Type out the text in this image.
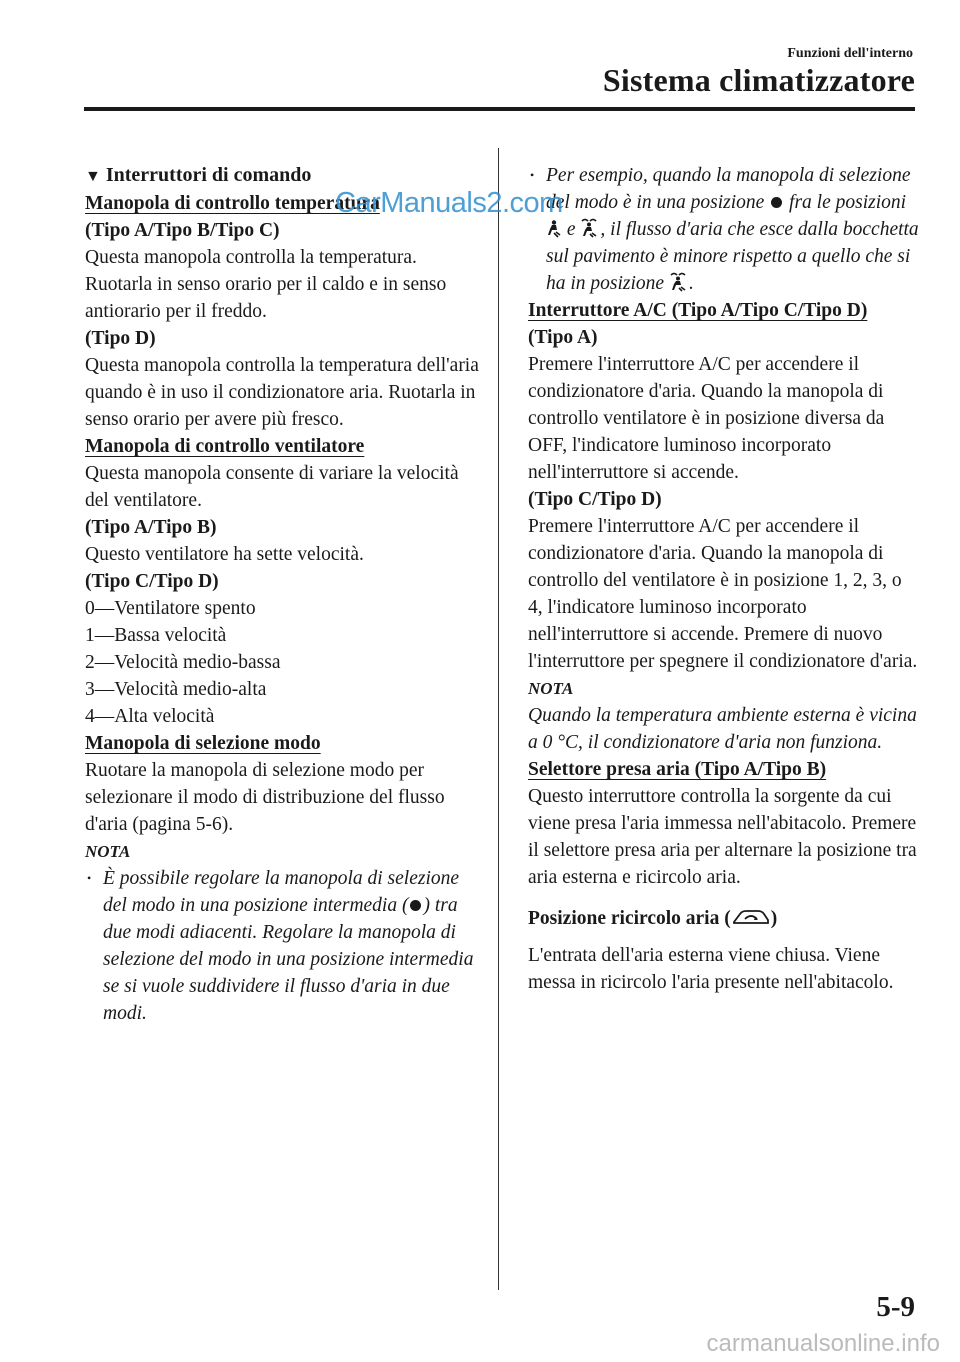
Funzioni dell'interno
Sistema climatizzatore

▼ Interruttori di comando

Manopola di controllo temperatura

(Tipo A/Tipo B/Tipo C)

Questa manopola controlla la temperatura. Ruotarla in senso orario per il caldo e in senso antiorario per il freddo.

(Tipo D)

Questa manopola controlla la temperatura dell'aria quando è in uso il condizionatore aria. Ruotarla in senso orario per avere più fresco.

Manopola di controllo ventilatore

Questa manopola consente di variare la velocità del ventilatore.

(Tipo A/Tipo B)

Questo ventilatore ha sette velocità.

(Tipo C/Tipo D)

0—Ventilatore spento

1—Bassa velocità

2—Velocità medio-bassa

3—Velocità medio-alta

4—Alta velocità

Manopola di selezione modo

Ruotare la manopola di selezione modo per selezionare il modo di distribuzione del flusso d'aria (pagina 5-6).

NOTA

• È possibile regolare la manopola di selezione del modo in una posizione intermedia ( ) tra due modi adiacenti. Regolare la manopola di selezione del modo in una posizione intermedia se si vuole suddividere il flusso d'aria in due modi.

• Per esempio, quando la manopola di selezione del modo è in una posizione  fra le posizioni  e , il flusso d'aria che esce dalla bocchetta sul pavimento è minore rispetto a quello che si ha in posizione .

Interruttore A/C (Tipo A/Tipo C/Tipo D)

(Tipo A)

Premere l'interruttore A/C per accendere il condizionatore d'aria. Quando la manopola di controllo ventilatore è in posizione diversa da OFF, l'indicatore luminoso incorporato nell'interruttore si accende.

(Tipo C/Tipo D)

Premere l'interruttore A/C per accendere il condizionatore d'aria. Quando la manopola di controllo del ventilatore è in posizione 1, 2, 3, o 4, l'indicatore luminoso incorporato nell'interruttore si accende. Premere di nuovo l'interruttore per spegnere il condizionatore d'aria.

NOTA

Quando la temperatura ambiente esterna è vicina a 0 °C, il condizionatore d'aria non funziona.

Selettore presa aria (Tipo A/Tipo B)

Questo interruttore controlla la sorgente da cui viene presa l'aria immessa nell'abitacolo. Premere il selettore presa aria per alternare la posizione tra aria esterna e ricircolo aria.

Posizione ricircolo aria ( )

L'entrata dell'aria esterna viene chiusa. Viene messa in ricircolo l'aria presente nell'abitacolo.

CarManuals2.com
5-9
carmanualsonline.info
